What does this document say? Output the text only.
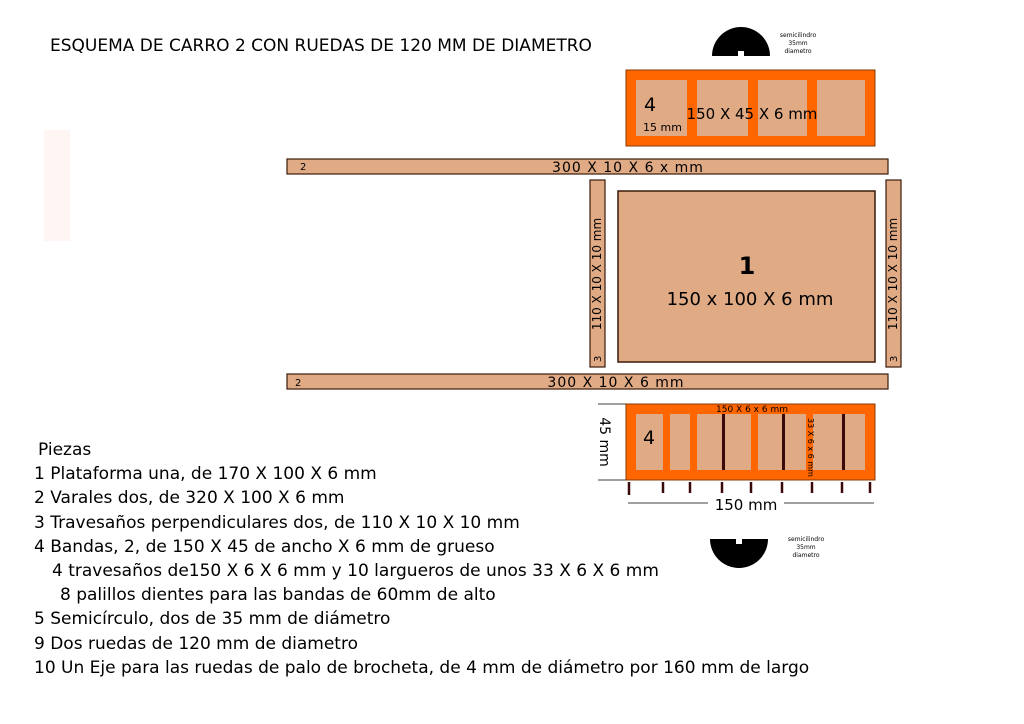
ESQUEMA DE CARRO 2 CON RUEDAS DE 120 MM DE DIAMETRO	5
semicilindro
35mm
diametro
4 150 X 45 X 6 mm
15 mm
2	300 X 10 X 6 x mm
110 X 10 X 10 mm
3
110 X 10 X 10 mm
3
1
150 x 100 X 6 mm
2	300 X 10 X 6 mm
150 X 6 x 6 mm
33 X 6 x 6 mm
4
45 mm
150 mm
5
semicilindro
35mm
diametro
Piezas
1 Plataforma una, de 170 X 100 X 6 mm
2 Varales dos, de 320 X 100 X 6 mm
3 Travesaños perpendiculares dos, de 110 X 10 X 10 mm
4 Bandas, 2, de 150 X 45 de ancho X 6 mm de grueso
4 travesaños de150 X 6 X 6 mm y 10 largueros de unos 33 X 6 X 6 mm
8 palillos dientes para las bandas de 60mm de alto
5 Semicírculo, dos de 35 mm de diámetro
9 Dos ruedas de 120 mm de diametro
10 Un Eje para las ruedas de palo de brocheta, de 4 mm de diámetro por 160 mm de largo
